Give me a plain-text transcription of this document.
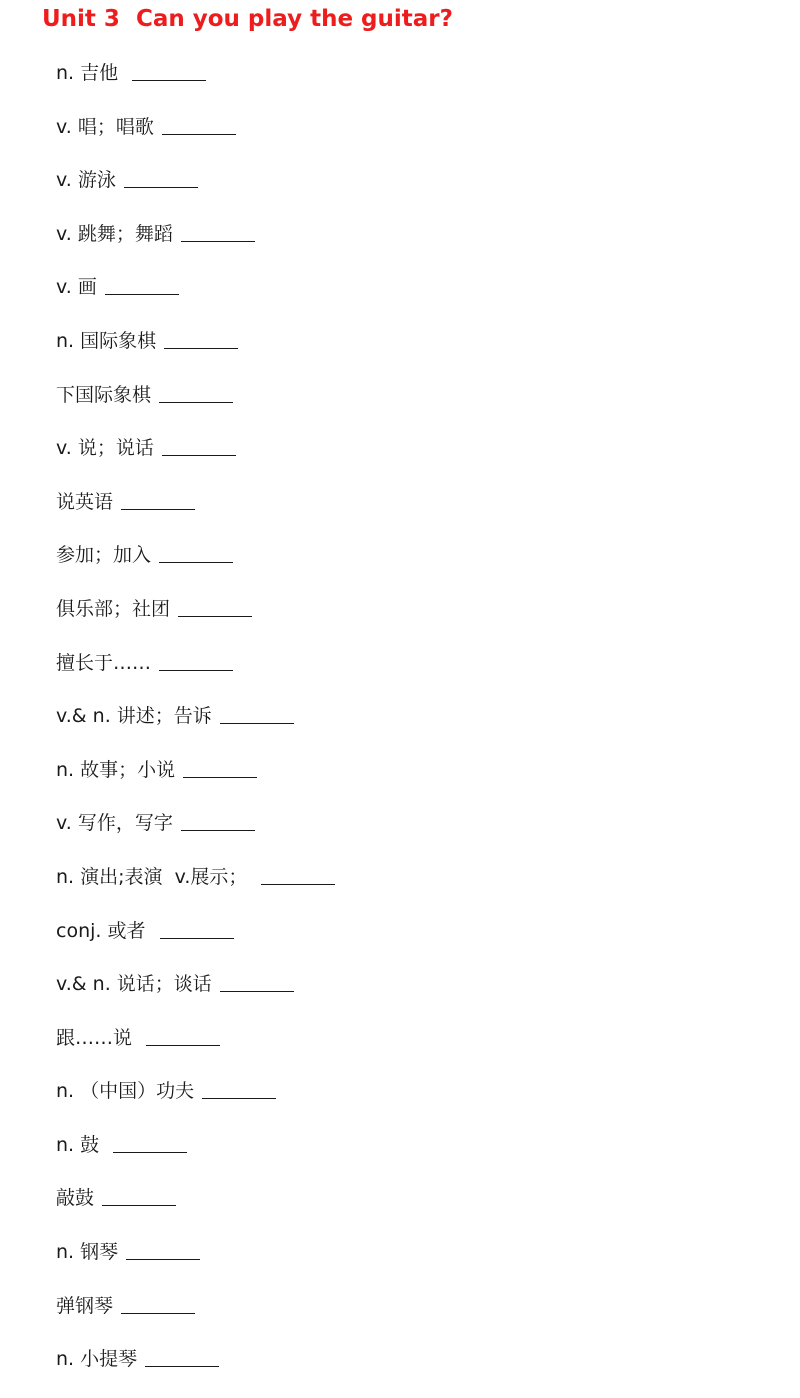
Unit 3  Can you play the guitar?
n. 吉他
v. 唱；唱歌
v. 游泳
v. 跳舞；舞蹈
v. 画
n. 国际象棋
下国际象棋
v. 说；说话
说英语
参加；加入
俱乐部；社团
擅长于……
v.& n. 讲述；告诉
n. 故事；小说
v. 写作，写字
n. 演出;表演  v.展示；
conj. 或者
v.& n. 说话；谈话
跟……说
n. （中国）功夫
n. 鼓
敲鼓
n. 钢琴
弹钢琴
n. 小提琴
